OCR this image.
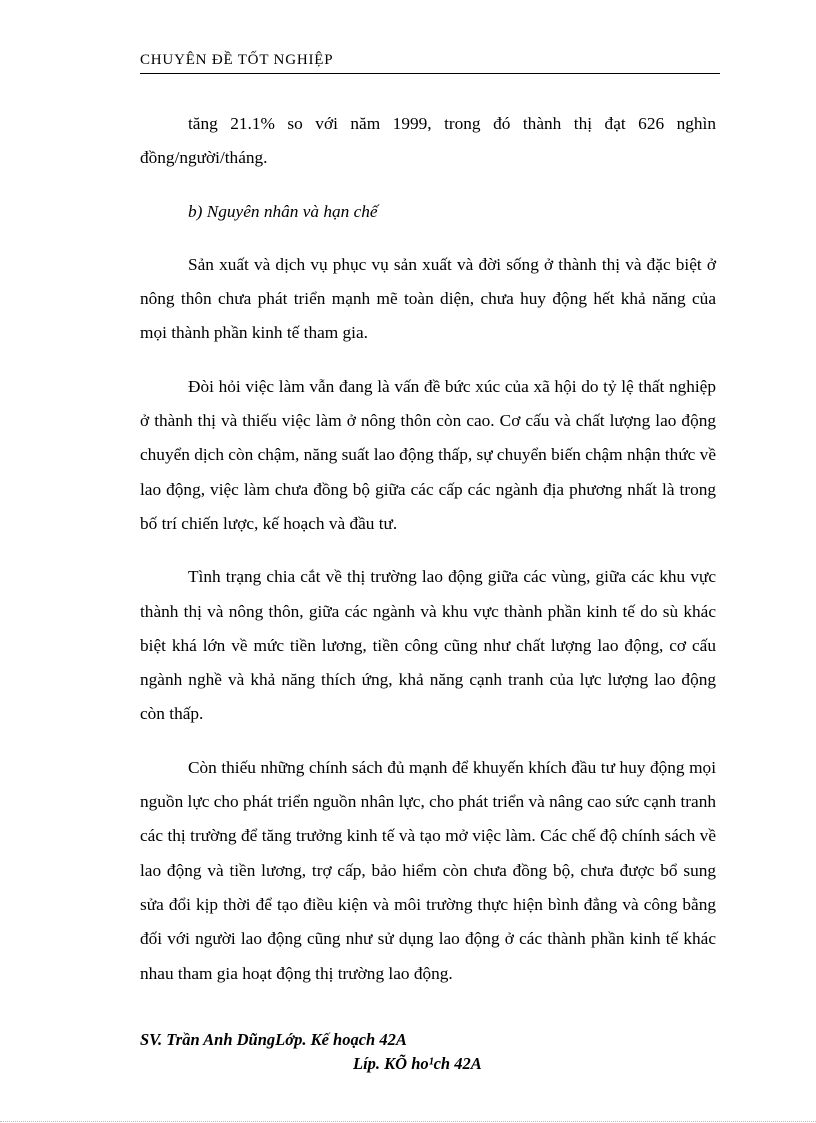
CHUYÊN ĐỀ TỐT NGHIỆP

tăng 21.1% so với năm 1999, trong đó thành thị đạt 626 nghìn đồng/người/tháng.

b) Nguyên nhân và hạn chế

Sản xuất và dịch vụ phục vụ sản xuất và đời sống ở thành thị và đặc biệt ở nông thôn chưa phát triển mạnh mẽ toàn diện, chưa huy động hết khả năng của mọi thành phần kinh tế tham gia.

Đòi hỏi việc làm vẫn đang là vấn đề bức xúc của xã hội do tỷ lệ thất nghiệp ở thành thị và thiếu việc làm ở nông thôn còn cao. Cơ cấu và chất lượng lao động chuyển dịch còn chậm, năng suất lao động thấp, sự chuyển biến chậm nhận thức về lao động, việc làm chưa đồng bộ giữa các cấp các ngành địa phương nhất là trong bố trí chiến lược, kế hoạch và đầu tư.

Tình trạng chia cắt về thị trường lao động giữa các vùng, giữa các khu vực thành thị và nông thôn, giữa các ngành và khu vực thành phần kinh tế do sù khác biệt khá lớn về mức tiền lương, tiền công cũng như chất lượng lao động, cơ cấu ngành nghề và khả năng thích ứng, khả năng cạnh tranh của lực lượng lao động còn thấp.

Còn thiếu những chính sách đủ mạnh để khuyến khích đầu tư huy động mọi nguồn lực cho phát triển nguồn nhân lực, cho phát triển và nâng cao sức cạnh tranh các thị trường để tăng trưởng kinh tế và tạo mở việc làm. Các chế độ chính sách về lao động và tiền lương, trợ cấp, bảo hiểm còn chưa đồng bộ, chưa được bổ sung sửa đổi kịp thời để tạo điều kiện và môi trường thực hiện bình đẳng và công bằng đối với người lao động cũng như sử dụng lao động ở các thành phần kinh tế khác nhau tham gia hoạt động thị trường lao động.

SV. Trần Anh DũngLớp. Kế hoạch 42A
Líp. KÕ ho¹ch 42A
